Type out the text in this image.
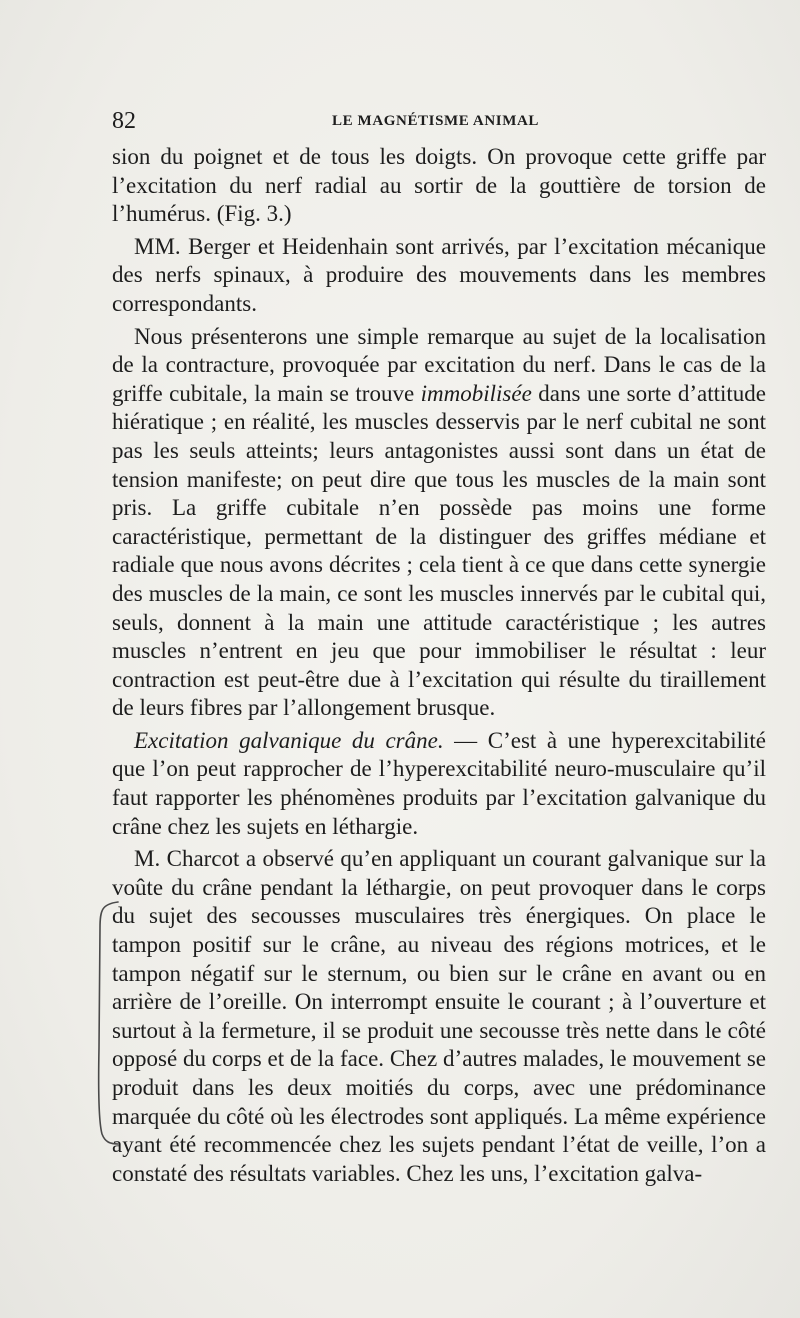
82	LE MAGNÉTISME ANIMAL

sion du poignet et de tous les doigts. On provoque cette griffe par l’excitation du nerf radial au sortir de la gouttière de torsion de l’humérus. (Fig. 3.)

MM. Berger et Heidenhain sont arrivés, par l’excitation mécanique des nerfs spinaux, à produire des mouvements dans les membres correspondants.

Nous présenterons une simple remarque au sujet de la localisation de la contracture, provoquée par excitation du nerf. Dans le cas de la griffe cubitale, la main se trouve immobilisée dans une sorte d’attitude hiératique ; en réalité, les muscles desservis par le nerf cubital ne sont pas les seuls atteints; leurs antagonistes aussi sont dans un état de tension manifeste; on peut dire que tous les muscles de la main sont pris. La griffe cubitale n’en possède pas moins une forme caractéristique, permettant de la distinguer des griffes médiane et radiale que nous avons décrites ; cela tient à ce que dans cette synergie des muscles de la main, ce sont les muscles innervés par le cubital qui, seuls, donnent à la main une attitude caractéristique ; les autres muscles n’entrent en jeu que pour immobiliser le résultat : leur contraction est peut-être due à l’excitation qui résulte du tiraillement de leurs fibres par l’allongement brusque.

Excitation galvanique du crâne. — C’est à une hyperexcitabilité que l’on peut rapprocher de l’hyperexcitabilité neuro-musculaire qu’il faut rapporter les phénomènes produits par l’excitation galvanique du crâne chez les sujets en léthargie.

M. Charcot a observé qu’en appliquant un courant galvanique sur la voûte du crâne pendant la léthargie, on peut provoquer dans le corps du sujet des secousses musculaires très énergiques. On place le tampon positif sur le crâne, au niveau des régions motrices, et le tampon négatif sur le sternum, ou bien sur le crâne en avant ou en arrière de l’oreille. On interrompt ensuite le courant ; à l’ouverture et surtout à la fermeture, il se produit une secousse très nette dans le côté opposé du corps et de la face. Chez d’autres malades, le mouvement se produit dans les deux moitiés du corps, avec une prédominance marquée du côté où les électrodes sont appliqués. La même expérience ayant été recommencée chez les sujets pendant l’état de veille, l’on a constaté des résultats variables. Chez les uns, l’excitation galva-
